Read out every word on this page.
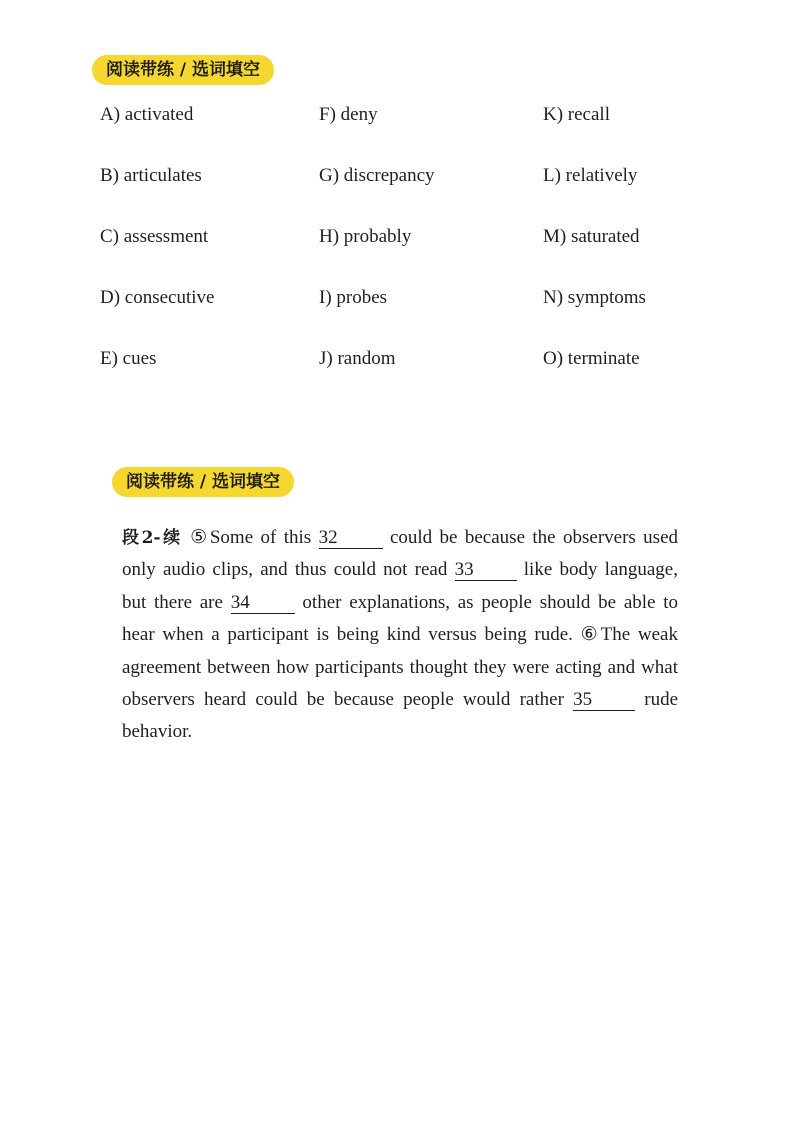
阅读带练 / 选词填空
A) activated	F) deny	K) recall
B) articulates	G) discrepancy	L) relatively
C) assessment	H) probably	M) saturated
D) consecutive	I) probes	N) symptoms
E) cues	J) random	O) terminate
阅读带练 / 选词填空

段2-续 ⑤Some of this 32 could be because the observers used only audio clips, and thus could not read 33 like body language, but there are 34 other explanations, as people should be able to hear when a participant is being kind versus being rude. ⑥The weak agreement between how participants thought they were acting and what observers heard could be because people would rather 35 rude behavior.
